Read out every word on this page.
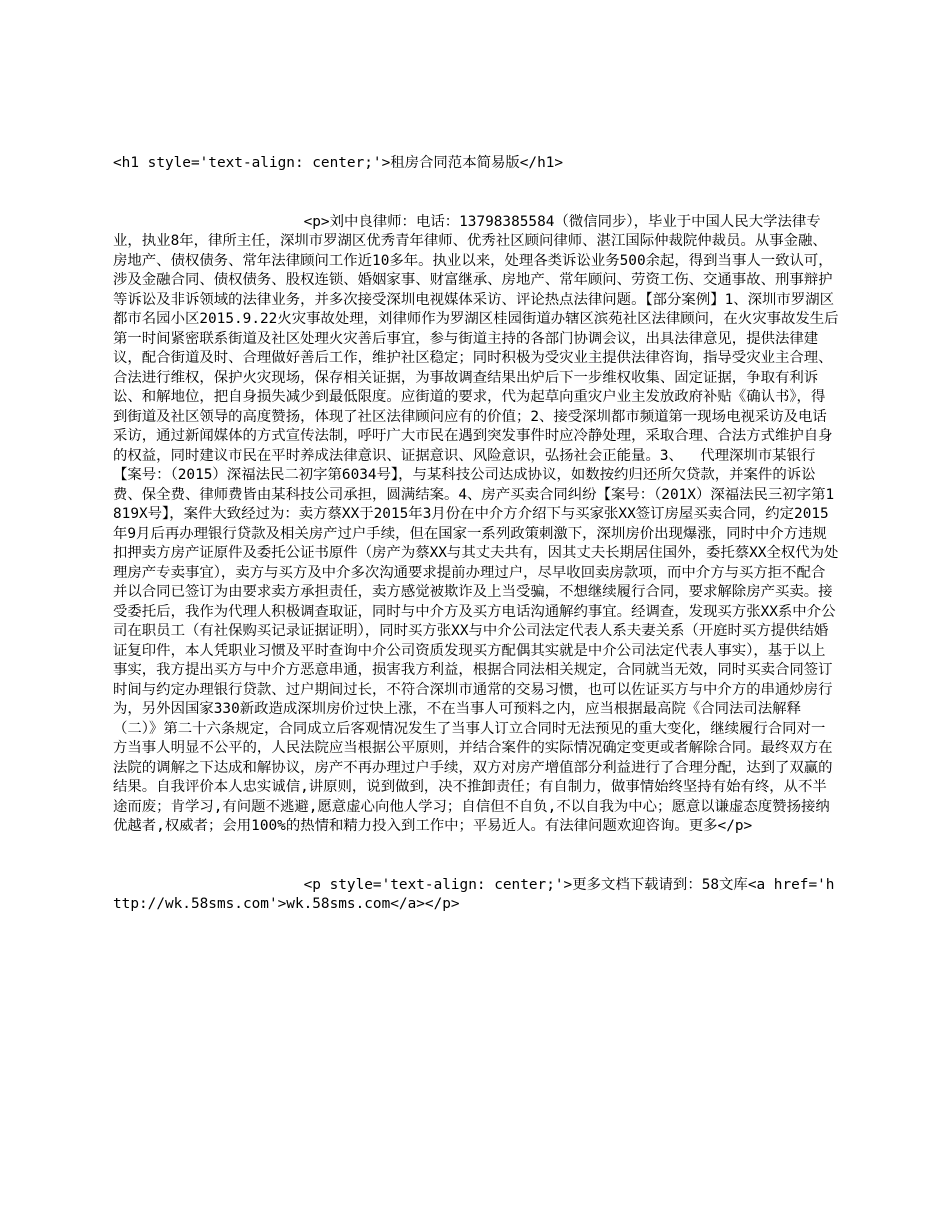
<h1 style='text-align: center;'>租房合同范本简易版</h1>

<p>刘中良律师：电话：13798385584（微信同步），毕业于中国人民大学法律专业，执业8年，律所主任，深圳市罗湖区优秀青年律师、优秀社区顾问律师、湛江国际仲裁院仲裁员。从事金融、房地产、债权债务、常年法律顾问工作近10多年。执业以来，处理各类诉讼业务500余起，得到当事人一致认可，涉及金融合同、债权债务、股权连锁、婚姻家事、财富继承、房地产、常年顾问、劳资工伤、交通事故、刑事辩护等诉讼及非诉领域的法律业务，并多次接受深圳电视媒体采访、评论热点法律问题。【部分案例】1、深圳市罗湖区都市名园小区2015.9.22火灾事故处理，刘律师作为罗湖区桂园街道办辖区滨苑社区法律顾问，在火灾事故发生后第一时间紧密联系街道及社区处理火灾善后事宜，参与街道主持的各部门协调会议，出具法律意见，提供法律建议，配合街道及时、合理做好善后工作，维护社区稳定；同时积极为受灾业主提供法律咨询，指导受灾业主合理、合法进行维权，保护火灾现场，保存相关证据，为事故调查结果出炉后下一步维权收集、固定证据，争取有利诉讼、和解地位，把自身损失减少到最低限度。应街道的要求，代为起草向重灾户业主发放政府补贴《确认书》，得到街道及社区领导的高度赞扬，体现了社区法律顾问应有的价值；2、接受深圳都市频道第一现场电视采访及电话采访，通过新闻媒体的方式宣传法制，呼吁广大市民在遇到突发事件时应冷静处理，采取合理、合法方式维护自身的权益，同时建议市民在平时养成法律意识、证据意识、风险意识，弘扬社会正能量。3、  代理深圳市某银行【案号：（2015）深福法民二初字第6034号】，与某科技公司达成协议，如数按约归还所欠贷款，并案件的诉讼费、保全费、律师费皆由某科技公司承担，圆满结案。4、房产买卖合同纠纷【案号：（201X）深福法民三初字第1819X号】，案件大致经过为：卖方蔡XX于2015年3月份在中介方介绍下与买家张XX签订房屋买卖合同，约定2015年9月后再办理银行贷款及相关房产过户手续，但在国家一系列政策刺激下，深圳房价出现爆涨，同时中介方违规扣押卖方房产证原件及委托公证书原件（房产为蔡XX与其丈夫共有，因其丈夫长期居住国外，委托蔡XX全权代为处理房产专卖事宜），卖方与买方及中介多次沟通要求提前办理过户，尽早收回卖房款项，而中介方与买方拒不配合并以合同已签订为由要求卖方承担责任，卖方感觉被欺诈及上当受骗，不想继续履行合同，要求解除房产买卖。接受委托后，我作为代理人积极调查取证，同时与中介方及买方电话沟通解约事宜。经调查，发现买方张XX系中介公司在职员工（有社保购买记录证据证明），同时买方张XX与中介公司法定代表人系夫妻关系（开庭时买方提供结婚证复印件，本人凭职业习惯及平时查询中介公司资质发现买方配偶其实就是中介公司法定代表人事实），基于以上事实，我方提出买方与中介方恶意串通，损害我方利益，根据合同法相关规定，合同就当无效，同时买卖合同签订时间与约定办理银行贷款、过户期间过长，不符合深圳市通常的交易习惯，也可以佐证买方与中介方的串通炒房行为，另外因国家330新政造成深圳房价过快上涨，不在当事人可预料之内，应当根据最高院《合同法司法解释（二）》第二十六条规定，合同成立后客观情况发生了当事人订立合同时无法预见的重大变化，继续履行合同对一方当事人明显不公平的，人民法院应当根据公平原则，并结合案件的实际情况确定变更或者解除合同。最终双方在法院的调解之下达成和解协议，房产不再办理过户手续，双方对房产增值部分利益进行了合理分配，达到了双赢的结果。自我评价本人忠实诚信,讲原则，说到做到，决不推卸责任；有自制力，做事情始终坚持有始有终，从不半途而废；肯学习,有问题不逃避,愿意虚心向他人学习；自信但不自负,不以自我为中心；愿意以谦虚态度赞扬接纳优越者,权威者；会用100%的热情和精力投入到工作中；平易近人。有法律问题欢迎咨询。更多</p>

<p style='text-align: center;'>更多文档下载请到：58文库<a href='http://wk.58sms.com'>wk.58sms.com</a></p>
